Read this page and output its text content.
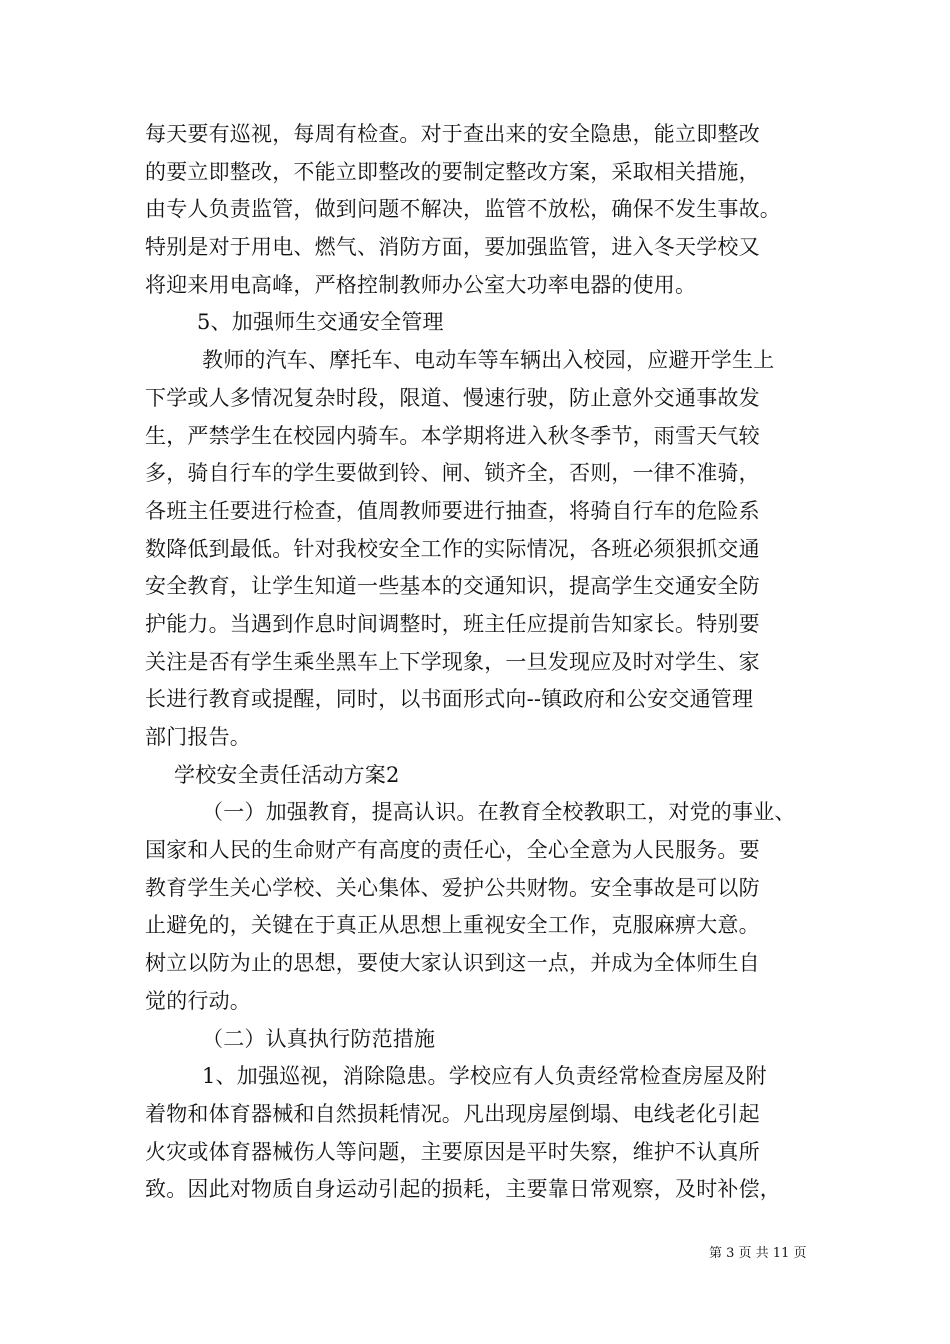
每天要有巡视，每周有检查。对于查出来的安全隐患，能立即整改
的要立即整改，不能立即整改的要制定整改方案，采取相关措施，
由专人负责监管，做到问题不解决，监管不放松，确保不发生事故。
特别是对于用电、燃气、消防方面，要加强监管，进入冬天学校又
将迎来用电高峰，严格控制教师办公室大功率电器的使用。
5、加强师生交通安全管理
教师的汽车、摩托车、电动车等车辆出入校园，应避开学生上
下学或人多情况复杂时段，限道、慢速行驶，防止意外交通事故发
生，严禁学生在校园内骑车。本学期将进入秋冬季节，雨雪天气较
多，骑自行车的学生要做到铃、闸、锁齐全，否则，一律不准骑，
各班主任要进行检查，值周教师要进行抽查，将骑自行车的危险系
数降低到最低。针对我校安全工作的实际情况，各班必须狠抓交通
安全教育，让学生知道一些基本的交通知识，提高学生交通安全防
护能力。当遇到作息时间调整时，班主任应提前告知家长。特别要
关注是否有学生乘坐黑车上下学现象，一旦发现应及时对学生、家
长进行教育或提醒，同时，以书面形式向--镇政府和公安交通管理
部门报告。
学校安全责任活动方案2
（一）加强教育，提高认识。在教育全校教职工，对党的事业、
国家和人民的生命财产有高度的责任心，全心全意为人民服务。要
教育学生关心学校、关心集体、爱护公共财物。安全事故是可以防
止避免的，关键在于真正从思想上重视安全工作，克服麻痹大意。
树立以防为止的思想，要使大家认识到这一点，并成为全体师生自
觉的行动。
（二）认真执行防范措施
1、加强巡视，消除隐患。学校应有人负责经常检查房屋及附
着物和体育器械和自然损耗情况。凡出现房屋倒塌、电线老化引起
火灾或体育器械伤人等问题，主要原因是平时失察，维护不认真所
致。因此对物质自身运动引起的损耗，主要靠日常观察，及时补偿，
第 3 页 共 11 页
